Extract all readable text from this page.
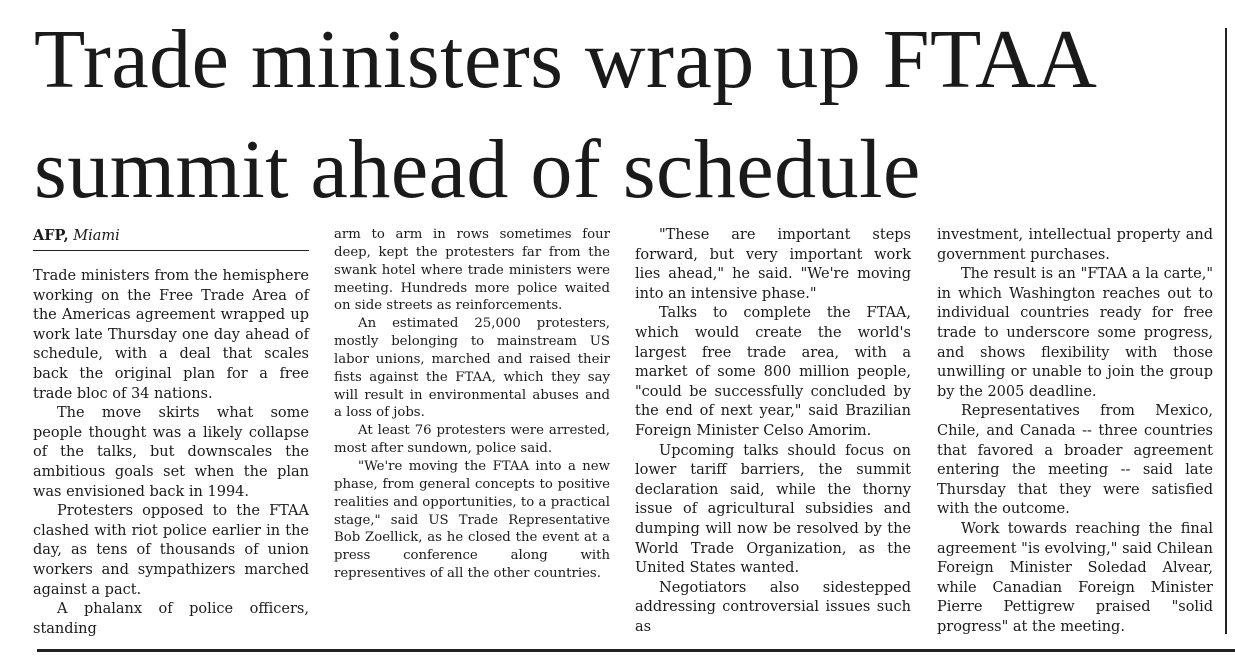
Trade ministers wrap up FTAA
summit ahead of schedule
AFP, Miami

Trade ministers from the hemisphere working on the Free Trade Area of the Americas agreement wrapped up work late Thursday one day ahead of schedule, with a deal that scales back the original plan for a free trade bloc of 34 nations.

The move skirts what some people thought was a likely collapse of the talks, but downscales the ambitious goals set when the plan was envisioned back in 1994.

Protesters opposed to the FTAA clashed with riot police earlier in the day, as tens of thousands of union workers and sympathizers marched against a pact.

A phalanx of police officers, standing

arm to arm in rows sometimes four deep, kept the protesters far from the swank hotel where trade ministers were meeting. Hundreds more police waited on side streets as reinforcements.

An estimated 25,000 protesters, mostly belonging to mainstream US labor unions, marched and raised their fists against the FTAA, which they say will result in environmental abuses and a loss of jobs.

At least 76 protesters were arrested, most after sundown, police said.

"We're moving the FTAA into a new phase, from general concepts to positive realities and opportunities, to a practical stage," said US Trade Representative Bob Zoellick, as he closed the event at a press conference along with representives of all the other countries.

"These are important steps forward, but very important work lies ahead," he said. "We're moving into an intensive phase."

Talks to complete the FTAA, which would create the world's largest free trade area, with a market of some 800 million people, "could be successfully concluded by the end of next year," said Brazilian Foreign Minister Celso Amorim.

Upcoming talks should focus on lower tariff barriers, the summit declaration said, while the thorny issue of agricultural subsidies and dumping will now be resolved by the World Trade Organization, as the United States wanted.

Negotiators also sidestepped addressing controversial issues such as

investment, intellectual property and government purchases.

The result is an "FTAA a la carte," in which Washington reaches out to individual countries ready for free trade to underscore some progress, and shows flexibility with those unwilling or unable to join the group by the 2005 deadline.

Representatives from Mexico, Chile, and Canada -- three countries that favored a broader agreement entering the meeting -- said late Thursday that they were satisfied with the outcome.

Work towards reaching the final agreement "is evolving," said Chilean Foreign Minister Soledad Alvear, while Canadian Foreign Minister Pierre Pettigrew praised "solid progress" at the meeting.
